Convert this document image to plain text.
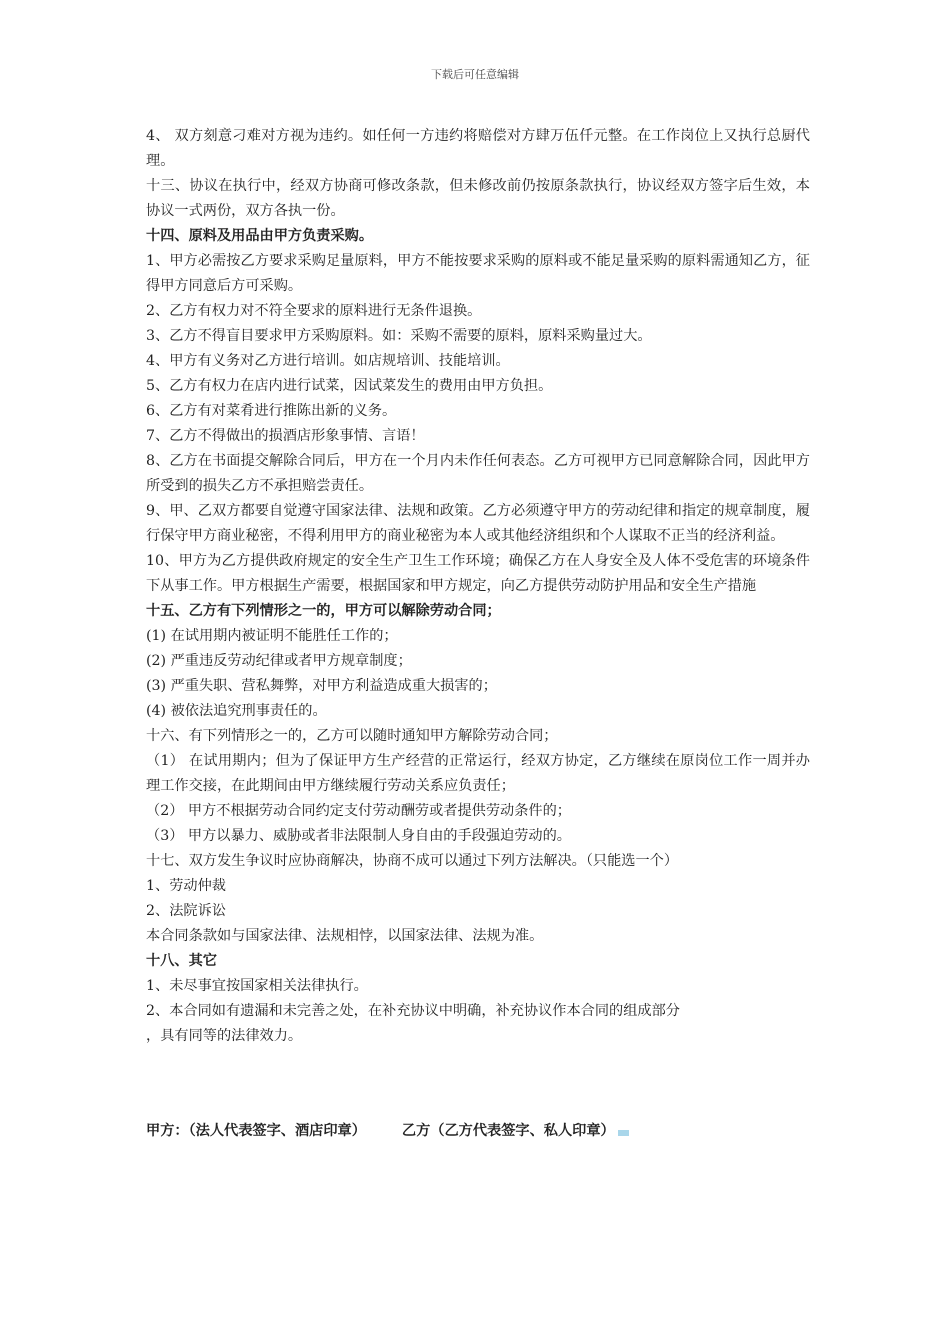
下载后可任意编辑

4、 双方刻意刁难对方视为违约。如任何一方违约将赔偿对方肆万伍仟元整。在工作岗位上又执行总厨代理。

十三、协议在执行中，经双方协商可修改条款，但未修改前仍按原条款执行，协议经双方签字后生效，本协议一式两份，双方各执一份。

十四、原料及用品由甲方负责采购。

1、甲方必需按乙方要求采购足量原料，甲方不能按要求采购的原料或不能足量采购的原料需通知乙方，征得甲方同意后方可采购。

2、乙方有权力对不符全要求的原料进行无条件退换。

3、乙方不得盲目要求甲方采购原料。如：采购不需要的原料，原料采购量过大。

4、甲方有义务对乙方进行培训。如店规培训、技能培训。

5、乙方有权力在店内进行试菜，因试菜发生的费用由甲方负担。

6、乙方有对菜肴进行推陈出新的义务。

7、乙方不得做出的损酒店形象事情、言语！

8、乙方在书面提交解除合同后，甲方在一个月内未作任何表态。乙方可视甲方已同意解除合同，因此甲方所受到的损失乙方不承担赔尝责任。

9、甲、乙双方都要自觉遵守国家法律、法规和政策。乙方必须遵守甲方的劳动纪律和指定的规章制度，履行保守甲方商业秘密，不得利用甲方的商业秘密为本人或其他经济组织和个人谋取不正当的经济利益。

10、甲方为乙方提供政府规定的安全生产卫生工作环境；确保乙方在人身安全及人体不受危害的环境条件下从事工作。甲方根据生产需要，根据国家和甲方规定，向乙方提供劳动防护用品和安全生产措施

十五、乙方有下列情形之一的，甲方可以解除劳动合同；

(1) 在试用期内被证明不能胜任工作的；

(2) 严重违反劳动纪律或者甲方规章制度；

(3) 严重失职、营私舞弊，对甲方利益造成重大损害的；

(4) 被依法追究刑事责任的。

十六、有下列情形之一的，乙方可以随时通知甲方解除劳动合同；

（1） 在试用期内；但为了保证甲方生产经营的正常运行，经双方协定，乙方继续在原岗位工作一周并办理工作交接，在此期间由甲方继续履行劳动关系应负责任；

（2） 甲方不根据劳动合同约定支付劳动酬劳或者提供劳动条件的；

（3） 甲方以暴力、威胁或者非法限制人身自由的手段强迫劳动的。

十七、双方发生争议时应协商解决，协商不成可以通过下列方法解决。（只能选一个）

1、劳动仲裁

2、法院诉讼

本合同条款如与国家法律、法规相悖，以国家法律、法规为准。

十八、其它

1、未尽事宜按国家相关法律执行。

2、本合同如有遗漏和未完善之处，在补充协议中明确，补充协议作本合同的组成部分

，具有同等的法律效力。

甲方：（法人代表签字、酒店印章）	乙方（乙方代表签字、私人印章）
